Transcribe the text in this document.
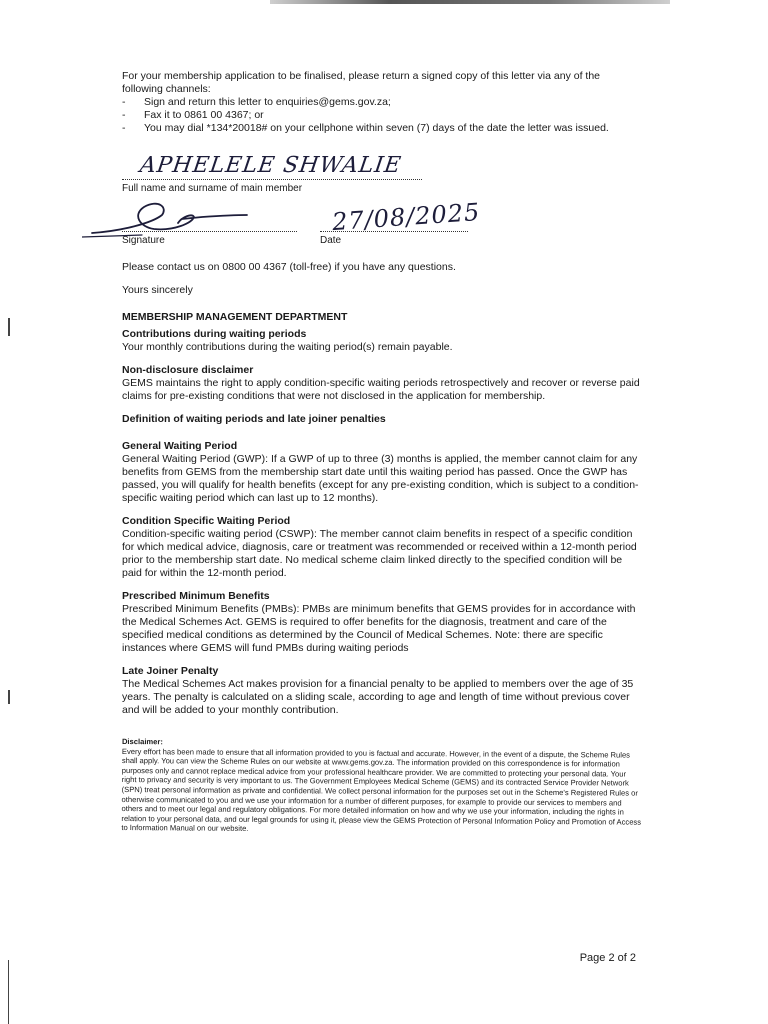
For your membership application to be finalised, please return a signed copy of this letter via any of the following channels:

- Sign and return this letter to enquiries@gems.gov.za;
- Fax it to 0861 00 4367; or
- You may dial *134*20018# on your cellphone within seven (7) days of the date the letter was issued.
APHELELE SHWALIE
Full name and surname of main member
27/08/2025
Signature	Date

Please contact us on 0800 00 4367 (toll-free) if you have any questions.

Yours sincerely

MEMBERSHIP MANAGEMENT DEPARTMENT

Contributions during waiting periods

Your monthly contributions during the waiting period(s) remain payable.

Non-disclosure disclaimer

GEMS maintains the right to apply condition-specific waiting periods retrospectively and recover or reverse paid claims for pre-existing conditions that were not disclosed in the application for membership.

Definition of waiting periods and late joiner penalties

General Waiting Period

General Waiting Period (GWP): If a GWP of up to three (3) months is applied, the member cannot claim for any benefits from GEMS from the membership start date until this waiting period has passed. Once the GWP has passed, you will qualify for health benefits (except for any pre-existing condition, which is subject to a condition-specific waiting period which can last up to 12 months).

Condition Specific Waiting Period

Condition-specific waiting period (CSWP): The member cannot claim benefits in respect of a specific condition for which medical advice, diagnosis, care or treatment was recommended or received within a 12-month period prior to the membership start date. No medical scheme claim linked directly to the specified condition will be paid for within the 12-month period.

Prescribed Minimum Benefits

Prescribed Minimum Benefits (PMBs): PMBs are minimum benefits that GEMS provides for in accordance with the Medical Schemes Act. GEMS is required to offer benefits for the diagnosis, treatment and care of the specified medical conditions as determined by the Council of Medical Schemes. Note: there are specific instances where GEMS will fund PMBs during waiting periods

Late Joiner Penalty

The Medical Schemes Act makes provision for a financial penalty to be applied to members over the age of 35 years. The penalty is calculated on a sliding scale, according to age and length of time without previous cover and will be added to your monthly contribution.

Disclaimer:
Every effort has been made to ensure that all information provided to you is factual and accurate. However, in the event of a dispute, the Scheme Rules shall apply. You can view the Scheme Rules on our website at www.gems.gov.za. The information provided on this correspondence is for information purposes only and cannot replace medical advice from your professional healthcare provider. We are committed to protecting your personal data. Your right to privacy and security is very important to us. The Government Employees Medical Scheme (GEMS) and its contracted Service Provider Network (SPN) treat personal information as private and confidential. We collect personal information for the purposes set out in the Scheme's Registered Rules or otherwise communicated to you and we use your information for a number of different purposes, for example to provide our services to members and others and to meet our legal and regulatory obligations. For more detailed information on how and why we use your information, including the rights in relation to your personal data, and our legal grounds for using it, please view the GEMS Protection of Personal Information Policy and Promotion of Access to Information Manual on our website.
Page 2 of 2
